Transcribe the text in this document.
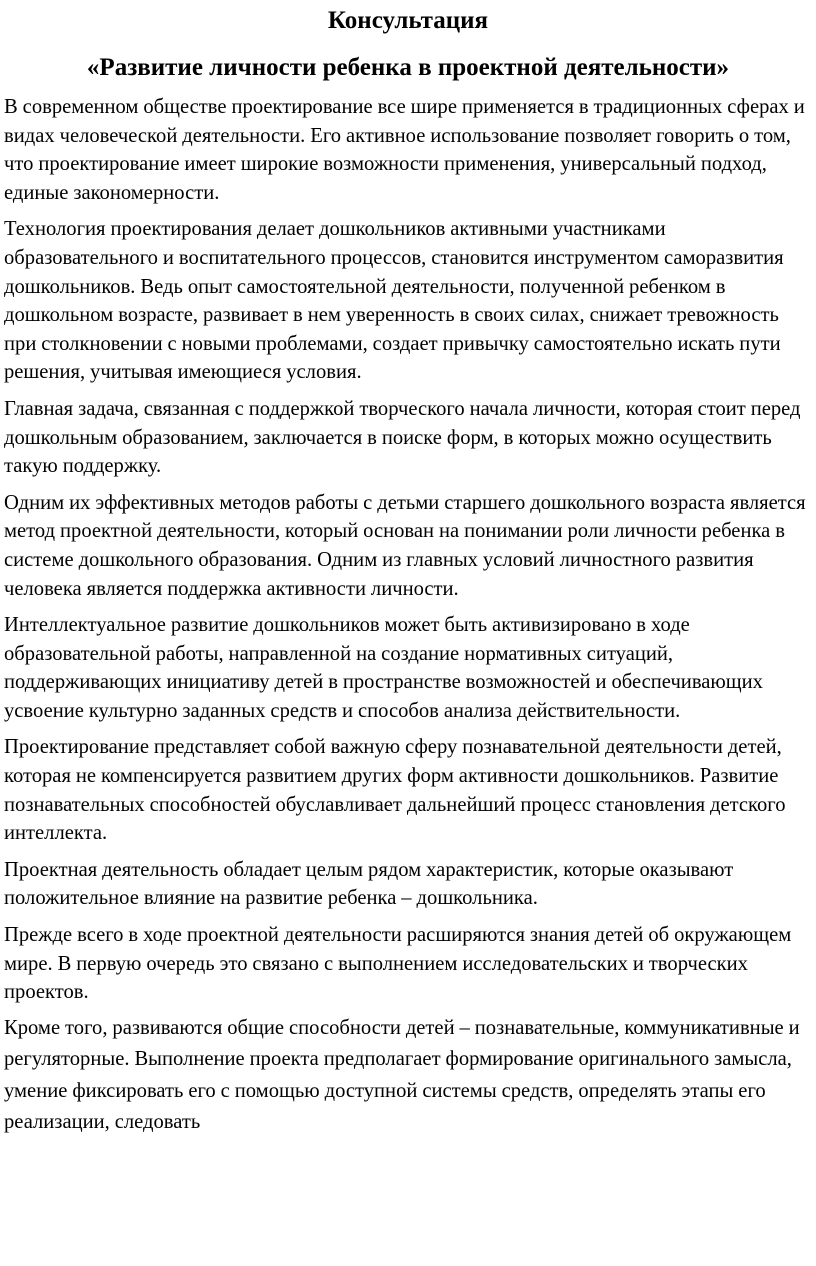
Консультация
«Развитие личности ребенка в проектной деятельности»

В современном обществе проектирование все шире применяется в традиционных сферах и видах человеческой деятельности. Его активное использование позволяет говорить о том, что проектирование имеет широкие возможности применения, универсальный подход, единые закономерности.

Технология проектирования делает дошкольников активными участниками образовательного и воспитательного процессов, становится инструментом саморазвития дошкольников. Ведь опыт самостоятельной деятельности, полученной ребенком в дошкольном возрасте, развивает в нем уверенность в своих силах, снижает тревожность при столкновении с новыми проблемами, создает привычку самостоятельно искать пути решения, учитывая имеющиеся условия.

Главная задача, связанная с поддержкой творческого начала личности, которая стоит перед дошкольным образованием, заключается в поиске форм, в которых можно осуществить такую поддержку.

Одним их эффективных методов работы с детьми старшего дошкольного возраста является метод проектной деятельности, который основан на понимании роли личности ребенка в системе дошкольного образования. Одним из главных условий личностного развития человека является поддержка активности личности.

Интеллектуальное развитие дошкольников может быть активизировано в ходе образовательной работы, направленной на создание нормативных ситуаций, поддерживающих инициативу детей в пространстве возможностей и обеспечивающих усвоение культурно заданных средств и способов анализа действительности.

Проектирование представляет собой важную сферу познавательной деятельности детей, которая не компенсируется развитием других форм активности дошкольников. Развитие познавательных способностей обуславливает дальнейший процесс становления детского интеллекта.

Проектная деятельность обладает целым рядом характеристик, которые оказывают положительное влияние на развитие ребенка – дошкольника.

Прежде всего в ходе проектной деятельности расширяются знания детей об окружающем мире. В первую очередь это связано с выполнением исследовательских и творческих проектов.

Кроме того, развиваются общие способности детей – познавательные, коммуникативные и регуляторные. Выполнение проекта предполагает формирование оригинального замысла, умение фиксировать его с помощью доступной системы средств, определять этапы его реализации, следовать
